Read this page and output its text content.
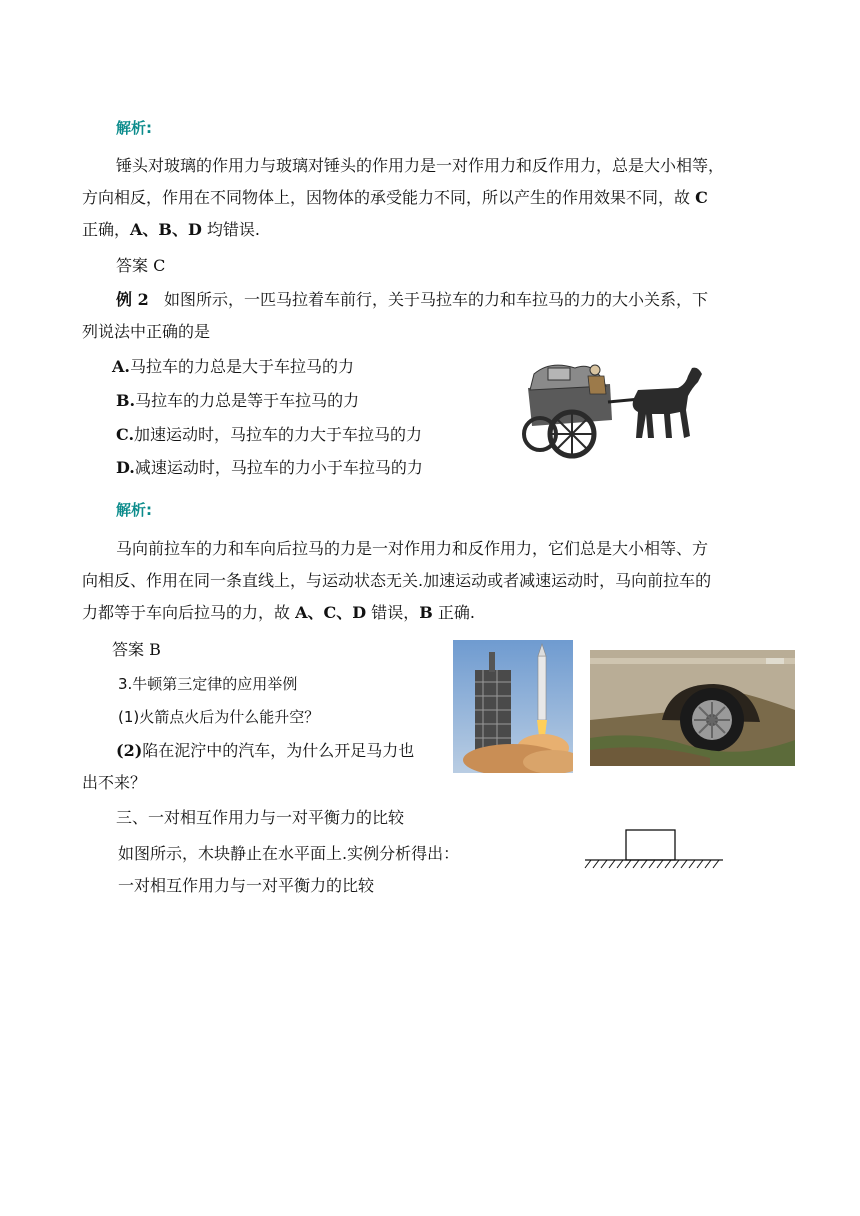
解析:

锤头对玻璃的作用力与玻璃对锤头的作用力是一对作用力和反作用力，总是大小相等，

方向相反，作用在不同物体上，因物体的承受能力不同，所以产生的作用效果不同，故 C

正确，A、B、D 均错误.

答案 C

例 2 如图所示，一匹马拉着车前行，关于马拉车的力和车拉马的力的大小关系，下

列说法中正确的是

A.马拉车的力总是大于车拉马的力
B.马拉车的力总是等于车拉马的力
C.加速运动时，马拉车的力大于车拉马的力
D.减速运动时，马拉车的力小于车拉马的力
解析:

马向前拉车的力和车向后拉马的力是一对作用力和反作用力，它们总是大小相等、方

向相反、作用在同一条直线上，与运动状态无关.加速运动或者减速运动时，马向前拉车的

力都等于车向后拉马的力，故 A、C、D 错误，B 正确.

答案 B
3.牛顿第三定律的应用举例
(1)火箭点火后为什么能升空？
(2)陷在泥泞中的汽车，为什么开足马力也
出不来？
三、一对相互作用力与一对平衡力的比较
如图所示，木块静止在水平面上.实例分析得出：
一对相互作用力与一对平衡力的比较
